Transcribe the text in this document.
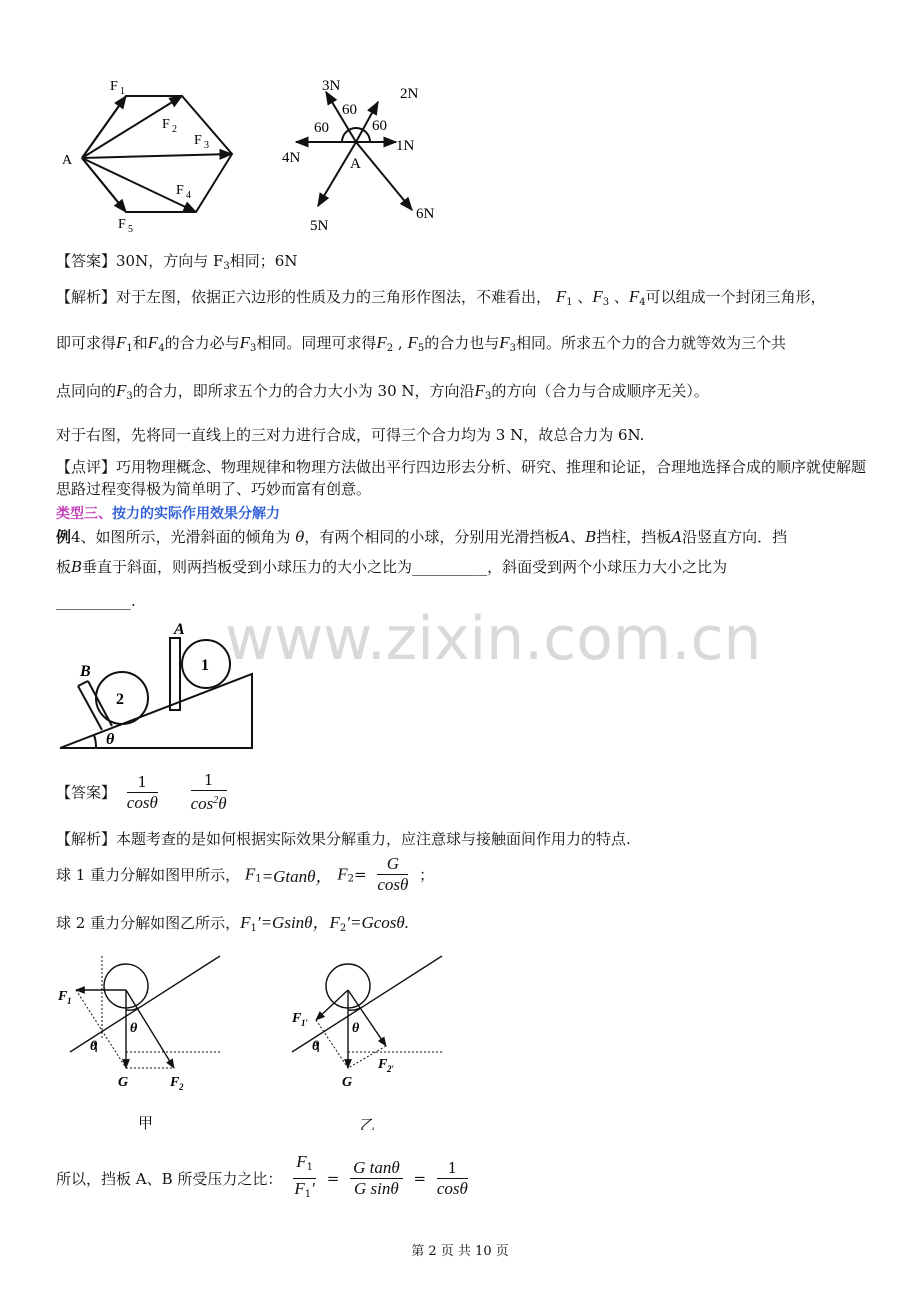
A
F 1
F 2
F 3
F 4
F 5
3N	2N
60
60	60
4N
1N
A
5N
6N
【答案】30N，方向与 $F_3$相同；6N
【解析】对于左图，依据正六边形的性质及力的三角形作图法，不难看出， $F_1$ 、$F_3$ 、$F_4$可以组成一个封闭三角形，
即可求得$F_1$和$F_4$的合力必与$F_3$相同。同理可求得$F_2$ , $F_5$的合力也与$F_3$相同。所求五个力的合力就等效为三个共
点同向的$F_3$的合力，即所求五个力的合力大小为 30 N，方向沿$F_3$的方向（合力与合成顺序无关）。
对于右图，先将同一直线上的三对力进行合成，可得三个合力均为 3 N，故总合力为 6N.
【点评】巧用物理概念、物理规律和物理方法做出平行四边形去分析、研究、推理和论证，合理地选择合成的顺序就使解题思路过程变得极为简单明了、巧妙而富有创意。
类型三、按力的实际作用效果分解力
例4、如图所示，光滑斜面的倾角为 θ，有两个相同的小球，分别用光滑挡板A、B挡柱，挡板A沿竖直方向．挡
板B垂直于斜面，则两挡板受到小球压力的大小之比为__________，斜面受到两个小球压力大小之比为
__________.
A
1
B
2
θ
【答案】 $\frac{1}{\cos\theta}$
$\frac{1}{\cos^2\theta}$
【解析】本题考查的是如何根据实际效果分解重力，应注意球与接触面间作用力的特点.
球 1 重力分解如图甲所示， $F_1=Gtan\theta$， $F_2= \frac{G}{\cos\theta}$ ；
球 2 重力分解如图乙所示，$F_1'=Gsin\theta$，$F_2'=Gcos\theta$.
F 1
θ
θ
G	F 2
甲
F 1′
θ
θ
G
F 2′
乙
所以，挡板 A、B 所受压力之比： $\frac{F_1}{F_1'} = \frac{\text{G tanθ}}{\text{G sinθ}} = \frac{1}{\cos\theta}$
www.zixin.com.cn
第 2 页 共 10 页
